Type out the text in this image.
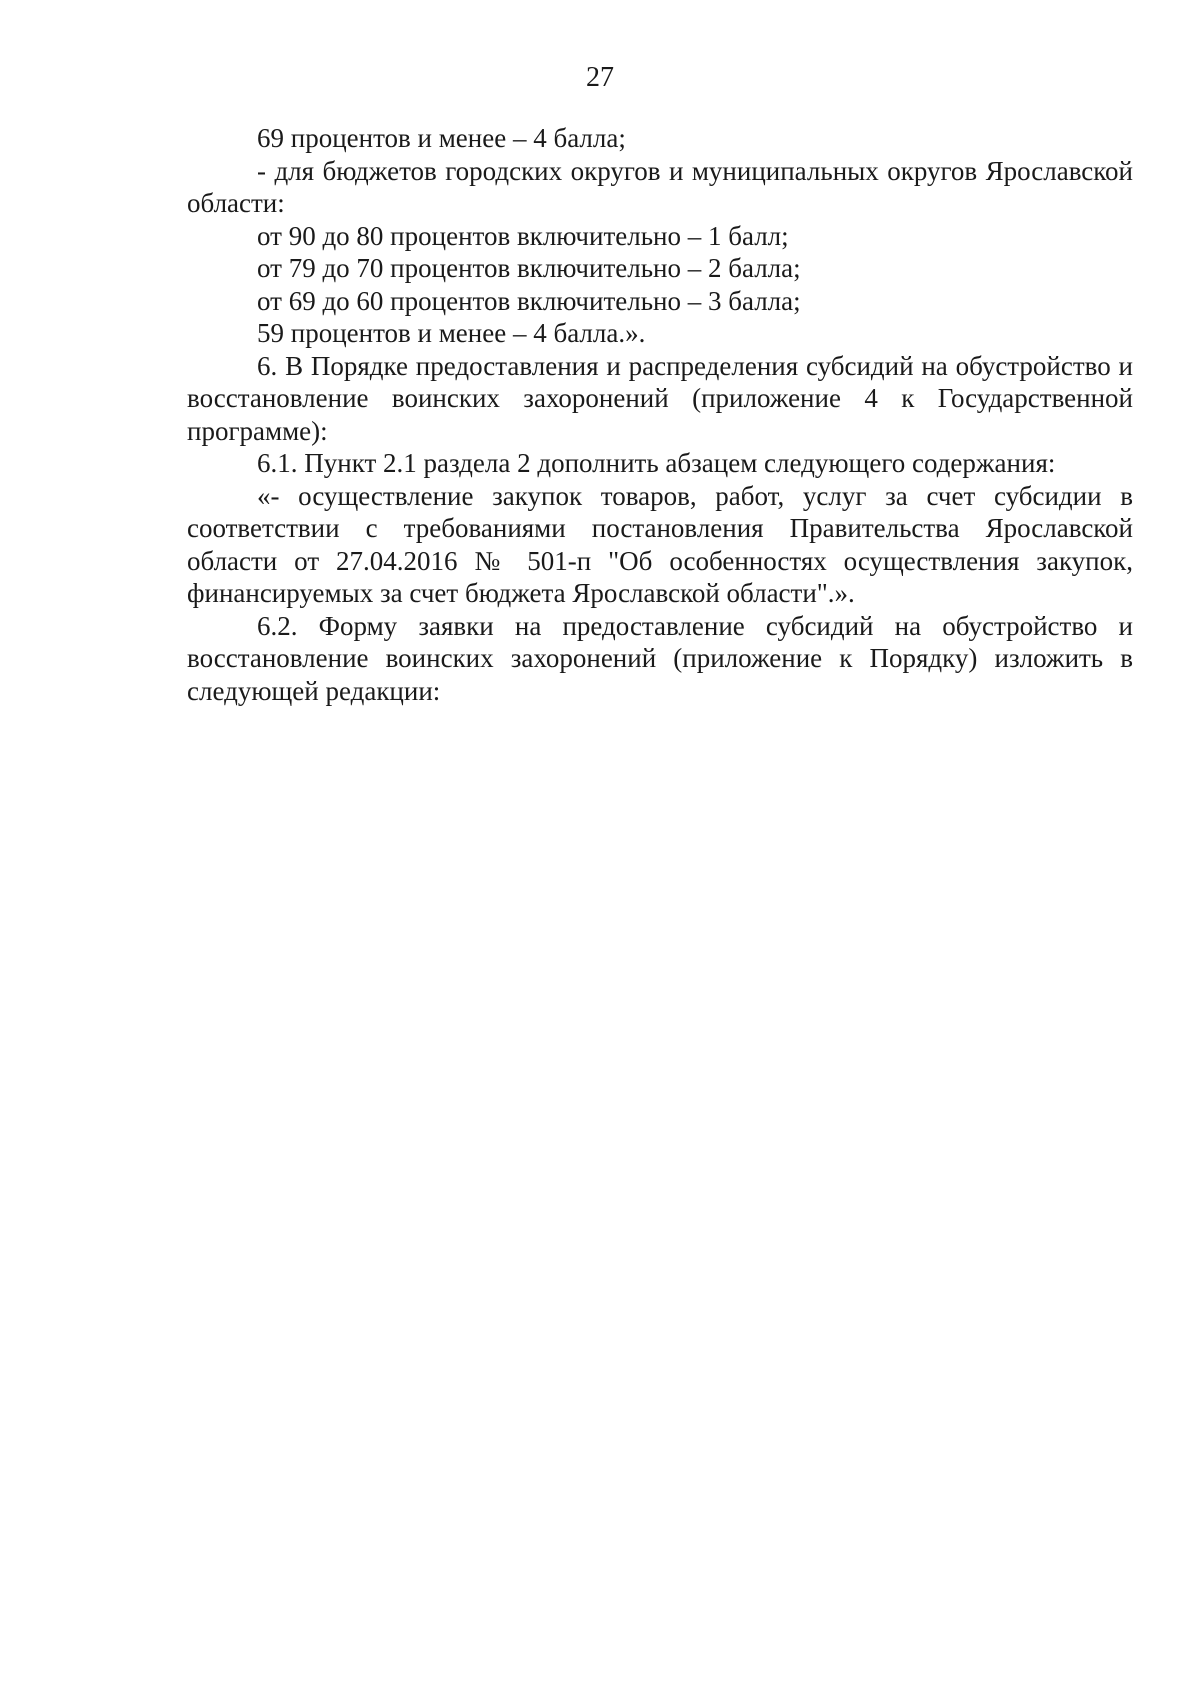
27

69 процентов и менее – 4 балла;

- для бюджетов городских округов и муниципальных округов Ярославской области:

от 90 до 80 процентов включительно – 1 балл;

от 79 до 70 процентов включительно – 2 балла;

от 69 до 60 процентов включительно – 3 балла;

59 процентов и менее – 4 балла.».

6. В Порядке предоставления и распределения субсидий на обустройство и восстановление воинских захоронений (приложение 4 к Государственной программе):

6.1. Пункт 2.1 раздела 2 дополнить абзацем следующего содержания:

«- осуществление закупок товаров, работ, услуг за счет субсидии в соответствии с требованиями постановления Правительства Ярославской области от 27.04.2016 № 501-п "Об особенностях осуществления закупок, финансируемых за счет бюджета Ярославской области".».

6.2. Форму заявки на предоставление субсидий на обустройство и восстановление воинских захоронений (приложение к Порядку) изложить в следующей редакции:
